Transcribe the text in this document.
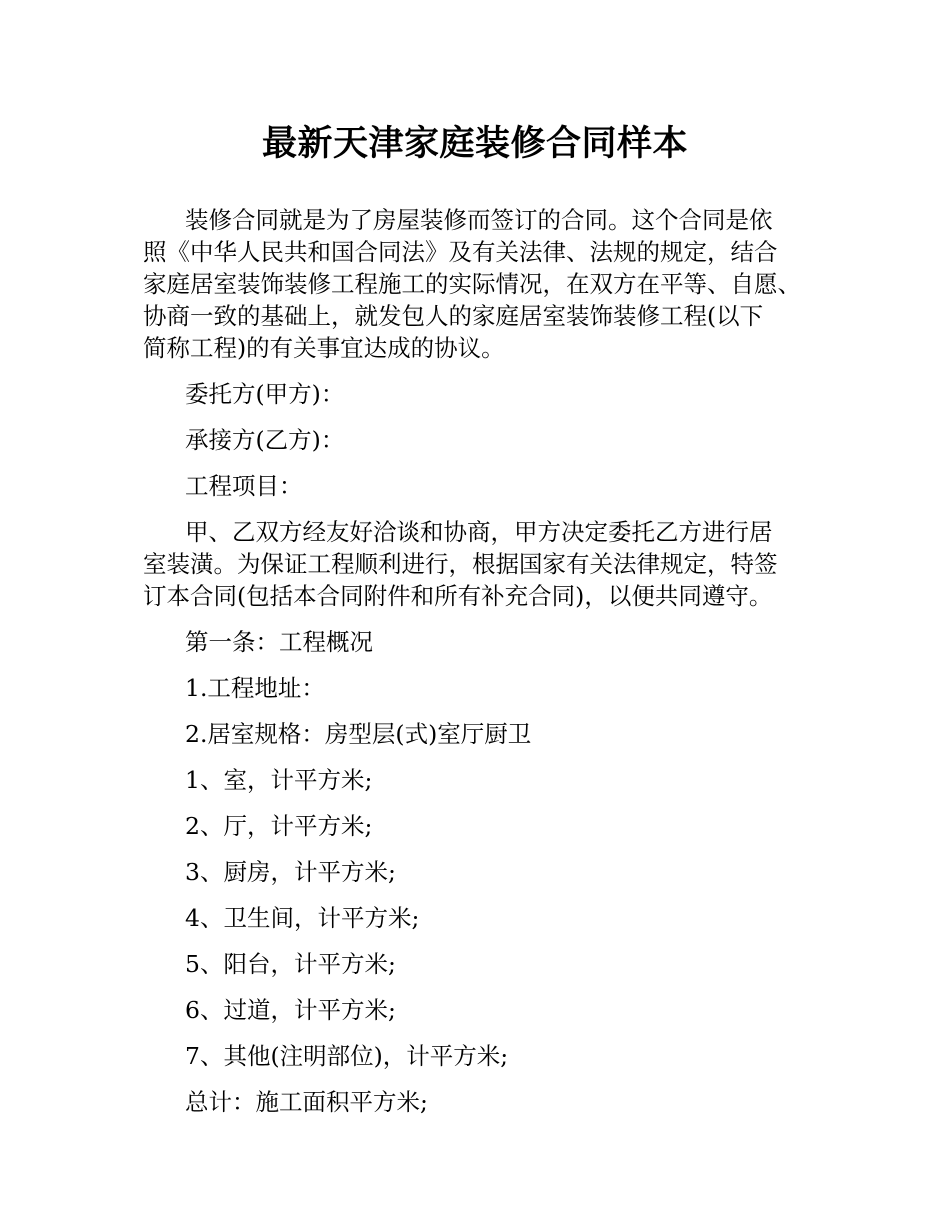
最新天津家庭装修合同样本

装修合同就是为了房屋装修而签订的合同。这个合同是依
照《中华人民共和国合同法》及有关法律、法规的规定，结合
家庭居室装饰装修工程施工的实际情况，在双方在平等、自愿、
协商一致的基础上，就发包人的家庭居室装饰装修工程(以下
简称工程)的有关事宜达成的协议。

委托方(甲方)：

承接方(乙方)：

工程项目：

甲、乙双方经友好洽谈和协商，甲方决定委托乙方进行居
室装潢。为保证工程顺利进行，根据国家有关法律规定，特签
订本合同(包括本合同附件和所有补充合同)，以便共同遵守。

第一条：工程概况

1.工程地址：

2.居室规格：房型层(式)室厅厨卫

1、室，计平方米;

2、厅，计平方米;

3、厨房，计平方米;

4、卫生间，计平方米;

5、阳台，计平方米;

6、过道，计平方米;

7、其他(注明部位)，计平方米;

总计：施工面积平方米;
